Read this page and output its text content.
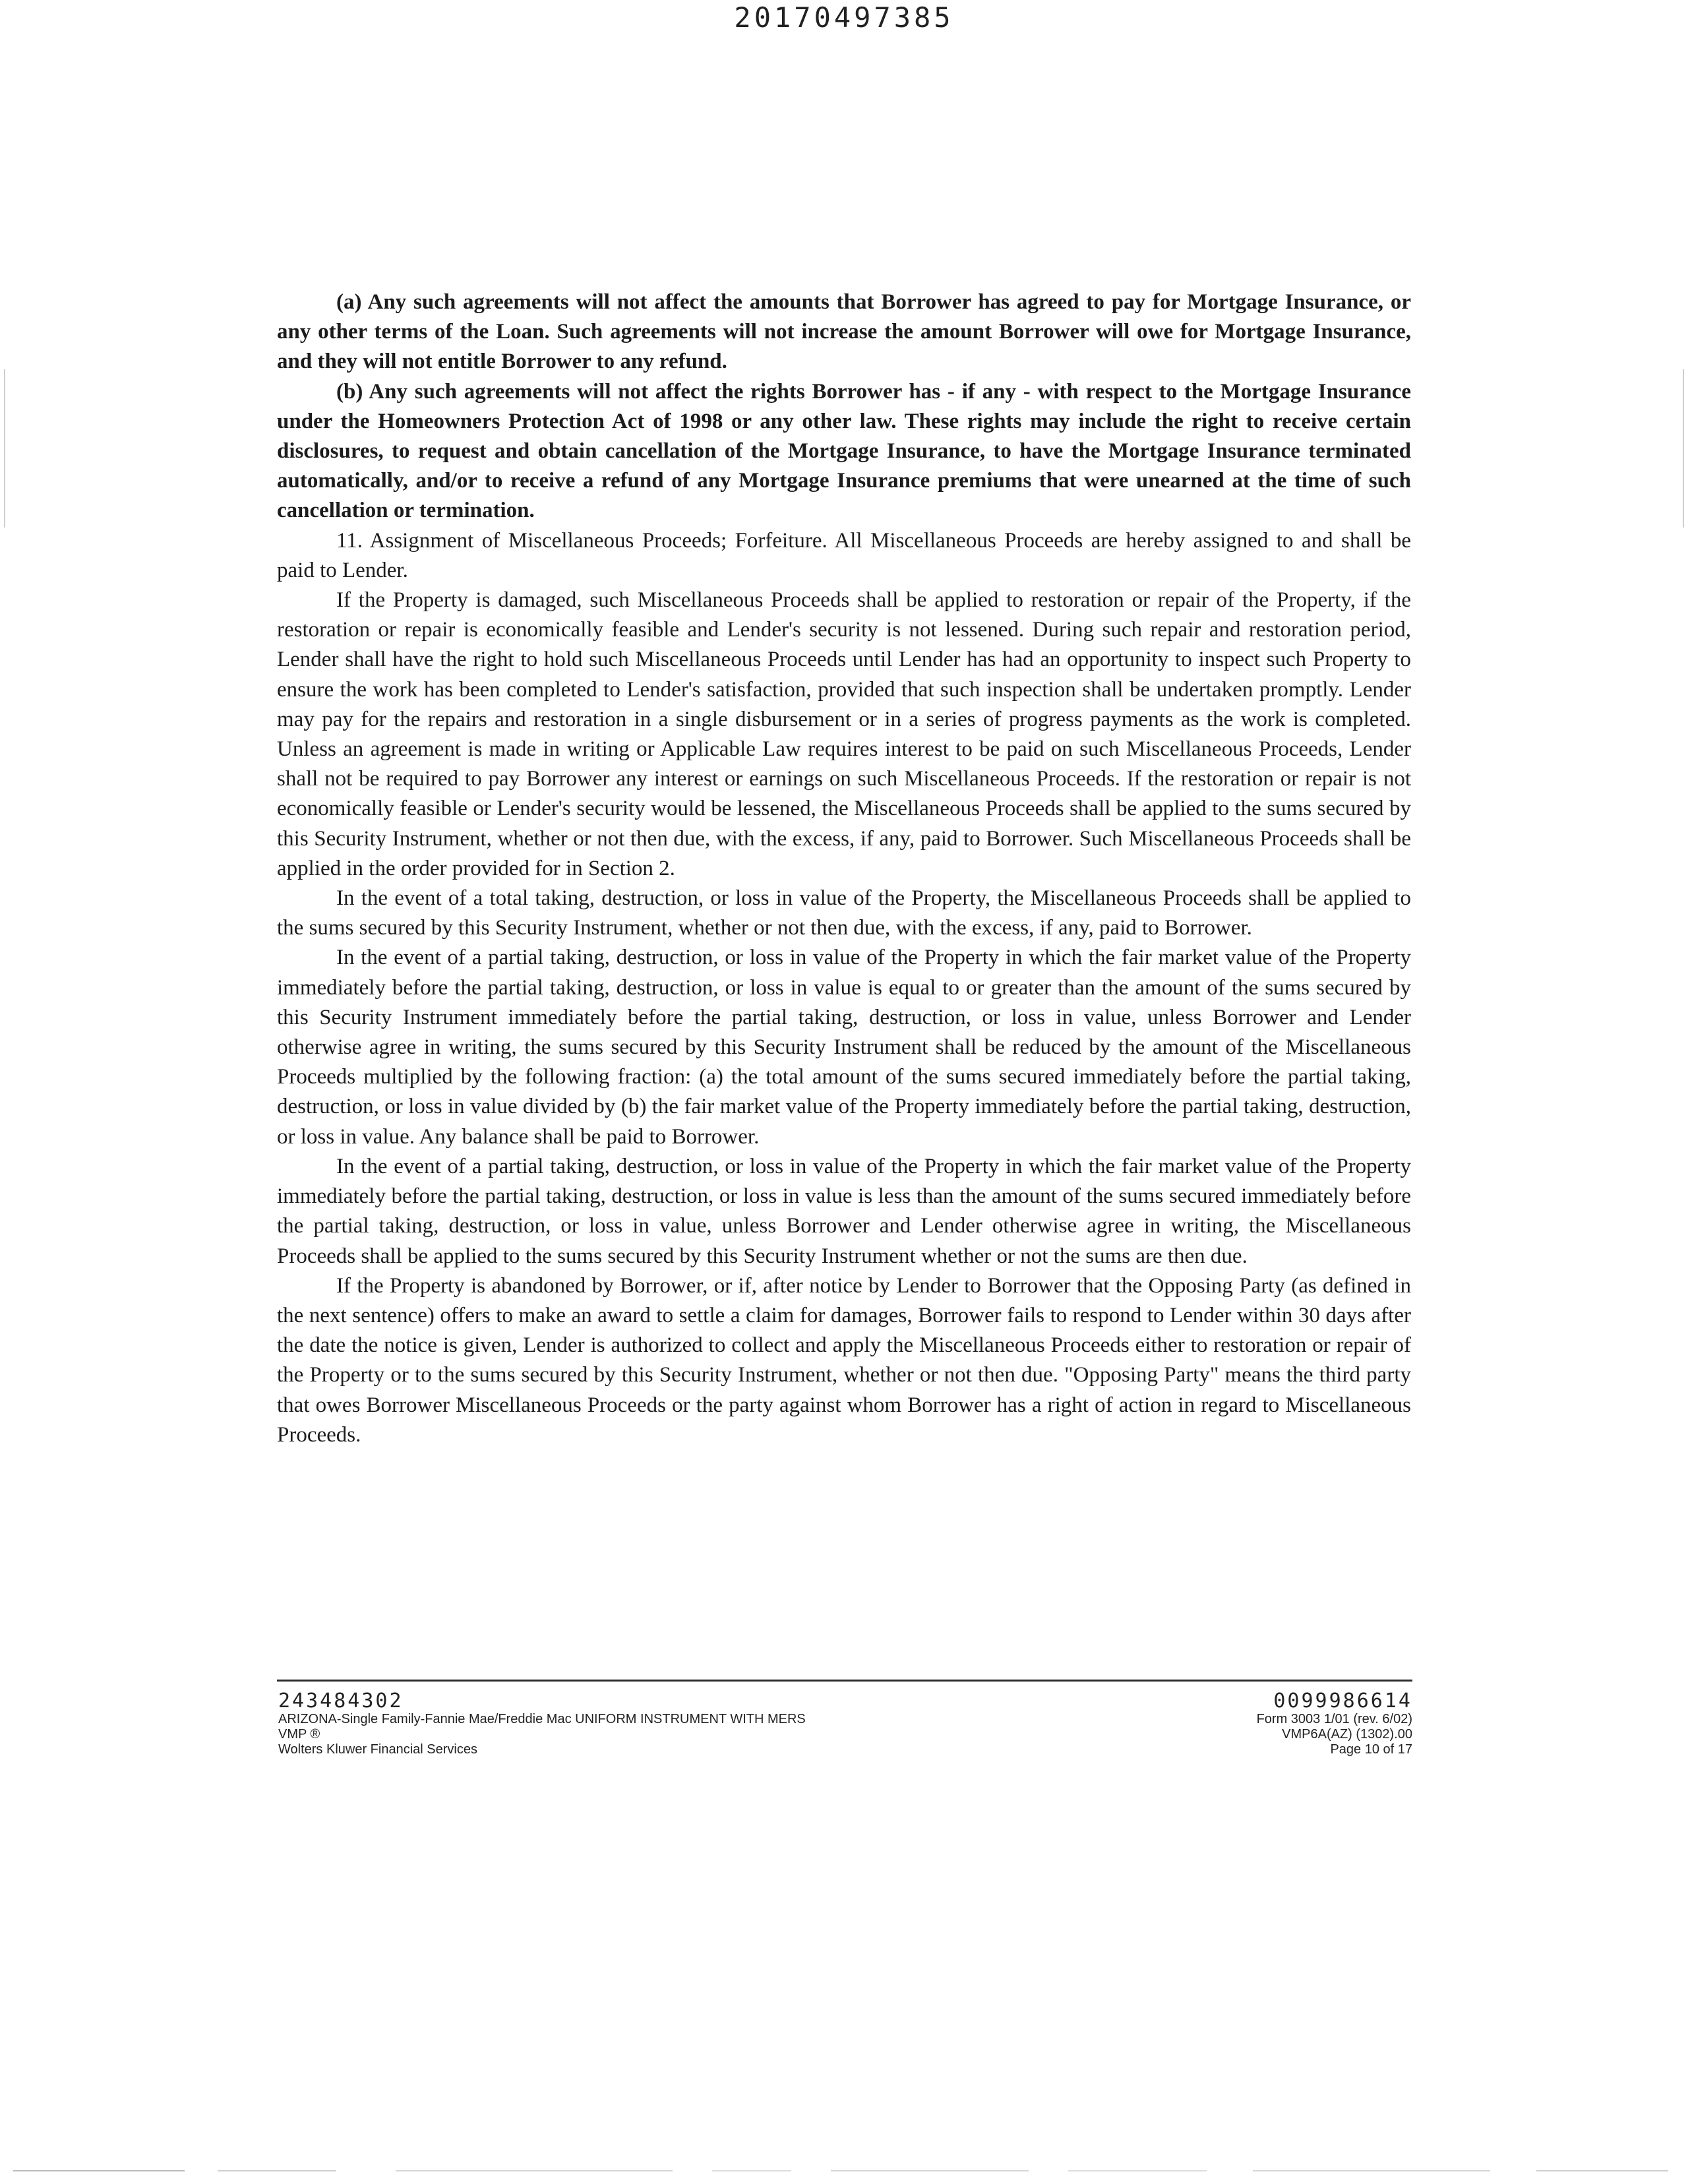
20170497385

(a) Any such agreements will not affect the amounts that Borrower has agreed to pay for Mortgage Insurance, or any other terms of the Loan. Such agreements will not increase the amount Borrower will owe for Mortgage Insurance, and they will not entitle Borrower to any refund.

(b) Any such agreements will not affect the rights Borrower has - if any - with respect to the Mortgage Insurance under the Homeowners Protection Act of 1998 or any other law. These rights may include the right to receive certain disclosures, to request and obtain cancellation of the Mortgage Insurance, to have the Mortgage Insurance terminated automatically, and/or to receive a refund of any Mortgage Insurance premiums that were unearned at the time of such cancellation or termination.

11. Assignment of Miscellaneous Proceeds; Forfeiture. All Miscellaneous Proceeds are hereby assigned to and shall be paid to Lender.

If the Property is damaged, such Miscellaneous Proceeds shall be applied to restoration or repair of the Property, if the restoration or repair is economically feasible and Lender's security is not lessened. During such repair and restoration period, Lender shall have the right to hold such Miscellaneous Proceeds until Lender has had an opportunity to inspect such Property to ensure the work has been completed to Lender's satisfaction, provided that such inspection shall be undertaken promptly. Lender may pay for the repairs and restoration in a single disbursement or in a series of progress payments as the work is completed. Unless an agreement is made in writing or Applicable Law requires interest to be paid on such Miscellaneous Proceeds, Lender shall not be required to pay Borrower any interest or earnings on such Miscellaneous Proceeds. If the restoration or repair is not economically feasible or Lender's security would be lessened, the Miscellaneous Proceeds shall be applied to the sums secured by this Security Instrument, whether or not then due, with the excess, if any, paid to Borrower. Such Miscellaneous Proceeds shall be applied in the order provided for in Section 2.

In the event of a total taking, destruction, or loss in value of the Property, the Miscellaneous Proceeds shall be applied to the sums secured by this Security Instrument, whether or not then due, with the excess, if any, paid to Borrower.

In the event of a partial taking, destruction, or loss in value of the Property in which the fair market value of the Property immediately before the partial taking, destruction, or loss in value is equal to or greater than the amount of the sums secured by this Security Instrument immediately before the partial taking, destruction, or loss in value, unless Borrower and Lender otherwise agree in writing, the sums secured by this Security Instrument shall be reduced by the amount of the Miscellaneous Proceeds multiplied by the following fraction: (a) the total amount of the sums secured immediately before the partial taking, destruction, or loss in value divided by (b) the fair market value of the Property immediately before the partial taking, destruction, or loss in value. Any balance shall be paid to Borrower.

In the event of a partial taking, destruction, or loss in value of the Property in which the fair market value of the Property immediately before the partial taking, destruction, or loss in value is less than the amount of the sums secured immediately before the partial taking, destruction, or loss in value, unless Borrower and Lender otherwise agree in writing, the Miscellaneous Proceeds shall be applied to the sums secured by this Security Instrument whether or not the sums are then due.

If the Property is abandoned by Borrower, or if, after notice by Lender to Borrower that the Opposing Party (as defined in the next sentence) offers to make an award to settle a claim for damages, Borrower fails to respond to Lender within 30 days after the date the notice is given, Lender is authorized to collect and apply the Miscellaneous Proceeds either to restoration or repair of the Property or to the sums secured by this Security Instrument, whether or not then due. "Opposing Party" means the third party that owes Borrower Miscellaneous Proceeds or the party against whom Borrower has a right of action in regard to Miscellaneous Proceeds.

243484302
ARIZONA-Single Family-Fannie Mae/Freddie Mac UNIFORM INSTRUMENT WITH MERS
VMP ®
Wolters Kluwer Financial Services
0099986614
Form 3003 1/01 (rev. 6/02)
VMP6A(AZ) (1302).00
Page 10 of 17
